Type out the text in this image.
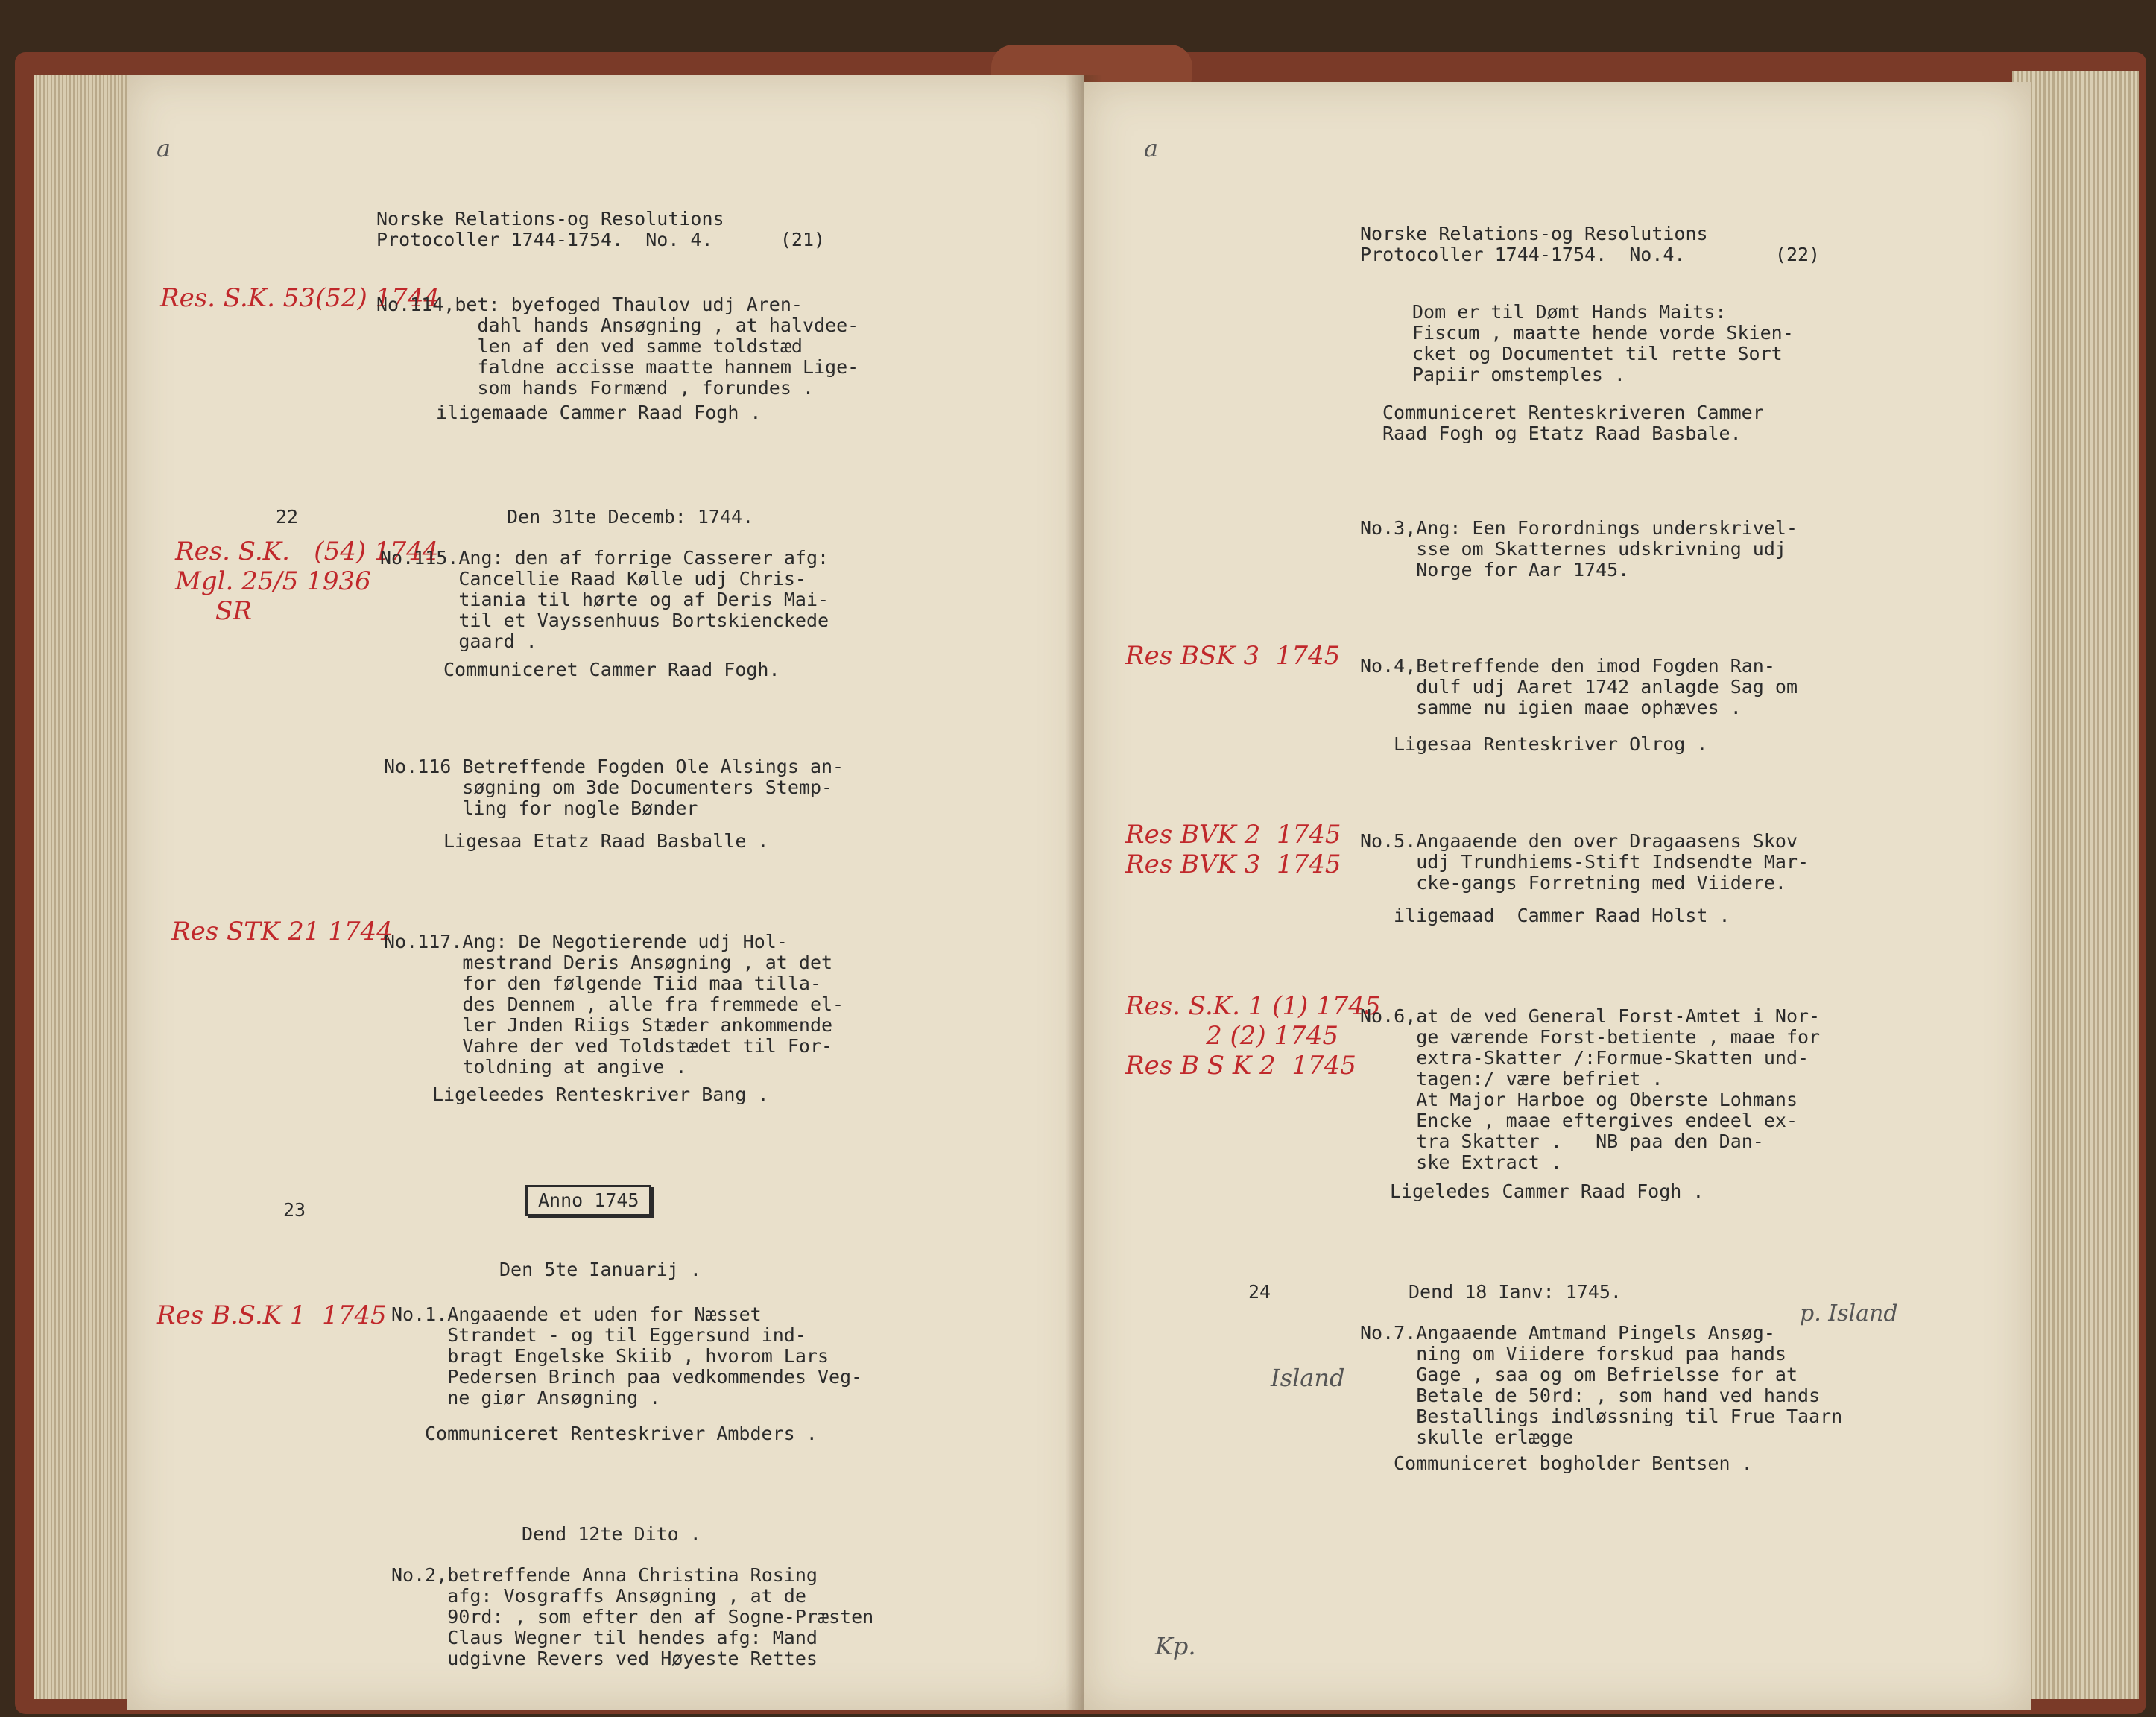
a
Norske Relations-og Resolutions
Protocoller 1744-1754.  No. 4.      (21)
Res. S.K. 53(52) 1744
No.114,bet: byefoged Thaulov udj Aren-
dahl hands Ansøgning , at halvdee-
len af den ved samme toldstæd
faldne accisse maatte hannem Lige-
som hands Formænd , forundes .
iligemaade Cammer Raad Fogh .
22	Den 31te Decemb: 1744.
Res. S.K.   (54) 1744
Mgl. 25/5 1936
SR
No.115.Ang: den af forrige Casserer afg:
Cancellie Raad Kølle udj Chris-
tiania til hørte og af Deris Mai-
til et Vayssenhuus Bortskienckede
gaard .
Communiceret Cammer Raad Fogh.
No.116 Betreffende Fogden Ole Alsings an-
søgning om 3de Documenters Stemp-
ling for nogle Bønder
Ligesaa Etatz Raad Basballe .
Res STK 21 1744
No.117.Ang: De Negotierende udj Hol-
mestrand Deris Ansøgning , at det
for den følgende Tiid maa tilla-
des Dennem , alle fra fremmede el-
ler Jnden Riigs Stæder ankommende
Vahre der ved Toldstædet til For-
toldning at angive .
Ligeleedes Renteskriver Bang .
23	Anno 1745
Den 5te Ianuarij .
Res B.S.K 1  1745 No.1.Angaaende et uden for Næsset
Strandet - og til Eggersund ind-
bragt Engelske Skiib , hvorom Lars
Pedersen Brinch paa vedkommendes Veg-
ne giør Ansøgning .
Communiceret Renteskriver Ambders .
Dend 12te Dito .
No.2,betreffende Anna Christina Rosing
afg: Vosgraffs Ansøgning , at de
90rd: , som efter den af Sogne-Præsten
Claus Wegner til hendes afg: Mand
udgivne Revers ved Høyeste Rettes
a
Norske Relations-og Resolutions
Protocoller 1744-1754.  No.4.        (22)
Dom er til Dømt Hands Maits:
Fiscum , maatte hende vorde Skien-
cket og Documentet til rette Sort
Papiir omstemples .
Communiceret Renteskriveren Cammer
Raad Fogh og Etatz Raad Basbale.
No.3,Ang: Een Forordnings underskrivel-
sse om Skatternes udskrivning udj
Norge for Aar 1745.
Res BSK 3  1745 No.4,Betreffende den imod Fogden Ran-
dulf udj Aaret 1742 anlagde Sag om
samme nu igien maae ophæves .
Ligesaa Renteskriver Olrog .
Res BVK 2  1745
Res BVK 3  1745
No.5.Angaaende den over Dragaasens Skov
udj Trundhiems-Stift Indsendte Mar-
cke-gangs Forretning med Viidere.
iligemaad  Cammer Raad Holst .
Res. S.K. 1 (1) 1745
2 (2) 1745
Res B S K 2  1745
No.6,at de ved General Forst-Amtet i Nor-
ge værende Forst-betiente , maae for
extra-Skatter /:Formue-Skatten und-
tagen:/ være befriet .
At Major Harboe og Oberste Lohmans
Encke , maae eftergives endeel ex-
tra Skatter .   NB paa den Dan-
ske Extract .
Ligeledes Cammer Raad Fogh .
24	Dend 18 Ianv: 1745.
p. Island
Island
No.7.Angaaende Amtmand Pingels Ansøg-
ning om Viidere forskud paa hands
Gage , saa og om Befrielsse for at
Betale de 50rd: , som hand ved hands
Bestallings indløssning til Frue Taarn
skulle erlægge
Communiceret bogholder Bentsen .
Kp.
